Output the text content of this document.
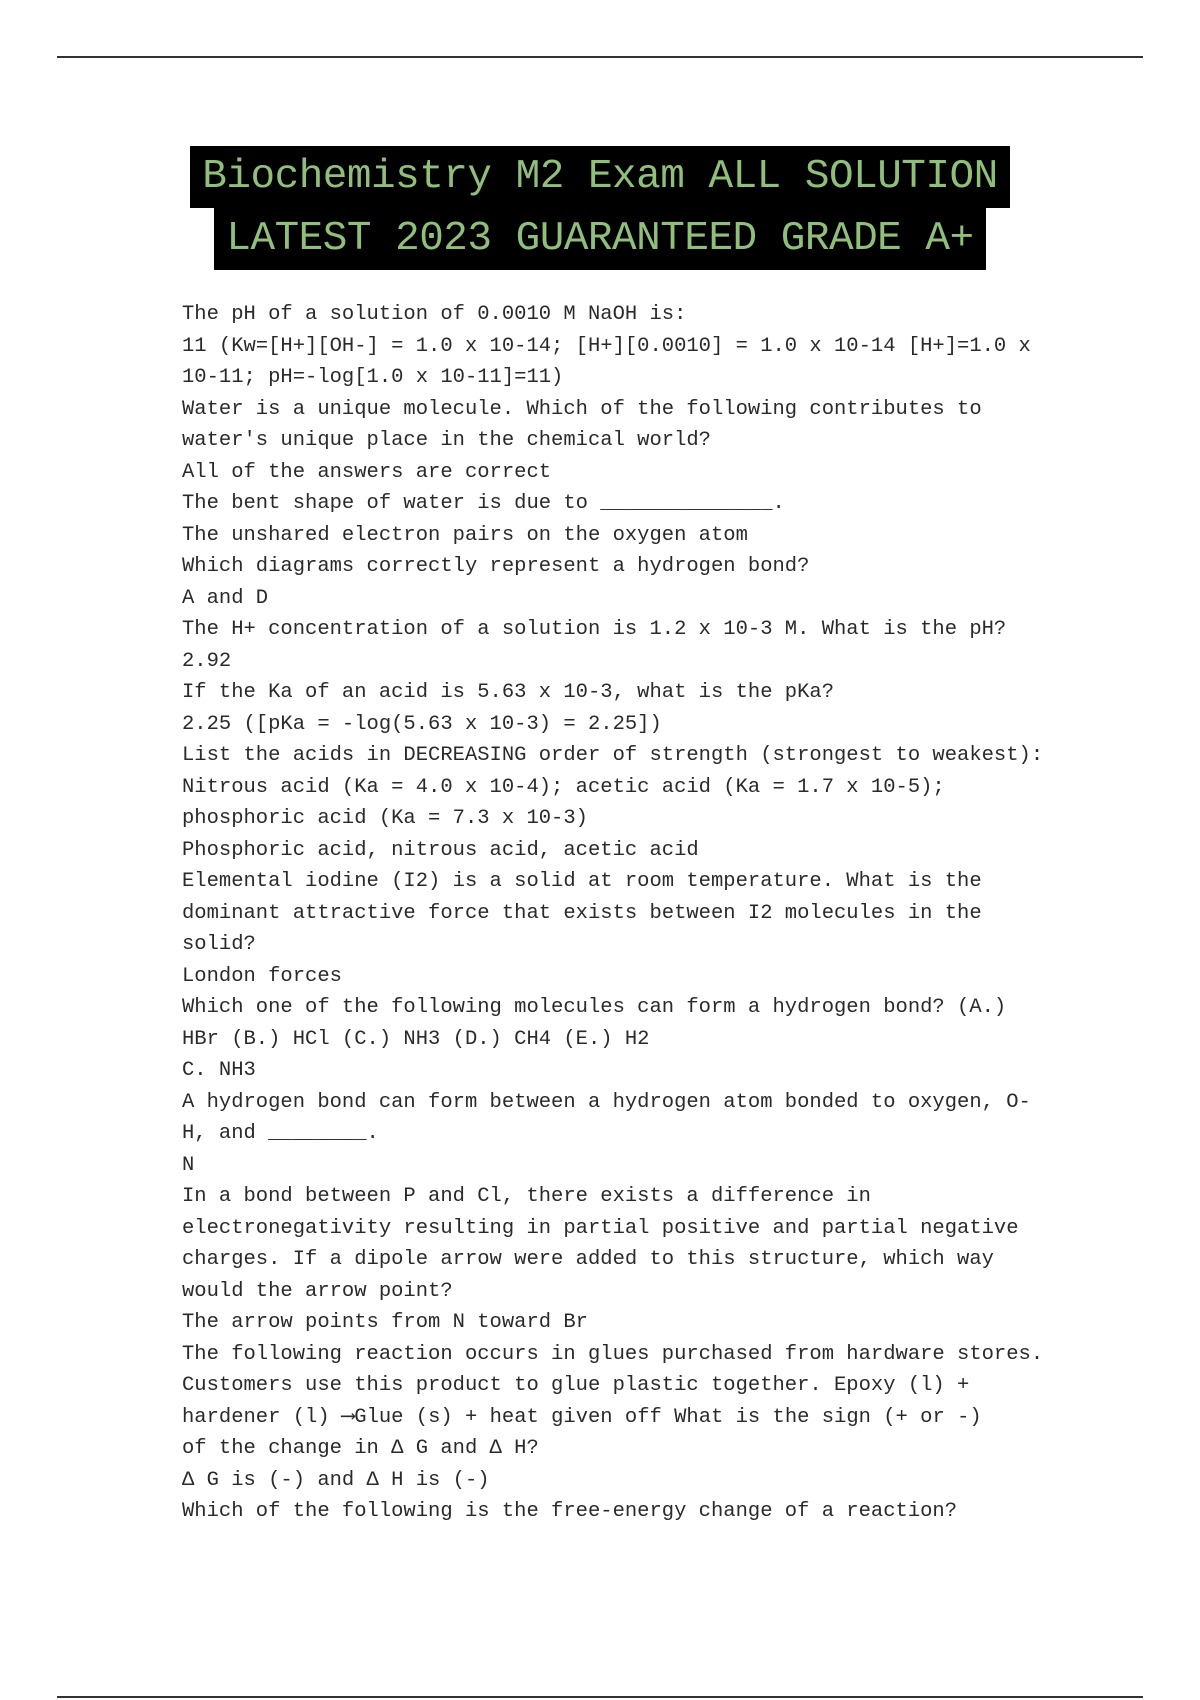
Biochemistry M2 Exam ALL SOLUTION
LATEST 2023 GUARANTEED GRADE A+
The pH of a solution of 0.0010 M NaOH is:
11 (Kw=[H+][OH-] = 1.0 x 10-14; [H+][0.0010] = 1.0 x 10-14 [H+]=1.0 x
10-11; pH=-log[1.0 x 10-11]=11)
Water is a unique molecule. Which of the following contributes to
water's unique place in the chemical world?
All of the answers are correct
The bent shape of water is due to ______________.
The unshared electron pairs on the oxygen atom
Which diagrams correctly represent a hydrogen bond?
A and D
The H+ concentration of a solution is 1.2 x 10-3 M. What is the pH?
2.92
If the Ka of an acid is 5.63 x 10-3, what is the pKa?
2.25 ([pKa = -log(5.63 x 10-3) = 2.25])
List the acids in DECREASING order of strength (strongest to weakest):
Nitrous acid (Ka = 4.0 x 10-4); acetic acid (Ka = 1.7 x 10-5);
phosphoric acid (Ka = 7.3 x 10-3)
Phosphoric acid, nitrous acid, acetic acid
Elemental iodine (I2) is a solid at room temperature. What is the
dominant attractive force that exists between I2 molecules in the
solid?
London forces
Which one of the following molecules can form a hydrogen bond? (A.)
HBr (B.) HCl (C.) NH3 (D.) CH4 (E.) H2
C. NH3
A hydrogen bond can form between a hydrogen atom bonded to oxygen, O-
H, and ________.
N
In a bond between P and Cl, there exists a difference in
electronegativity resulting in partial positive and partial negative
charges. If a dipole arrow were added to this structure, which way
would the arrow point?
The arrow points from N toward Br
The following reaction occurs in glues purchased from hardware stores.
Customers use this product to glue plastic together. Epoxy (l) +
hardener (l) ⟶Glue (s) + heat given off What is the sign (+ or -)
of the change in Δ G and Δ H?
Δ G is (-) and Δ H is (-)
Which of the following is the free-energy change of a reaction?
